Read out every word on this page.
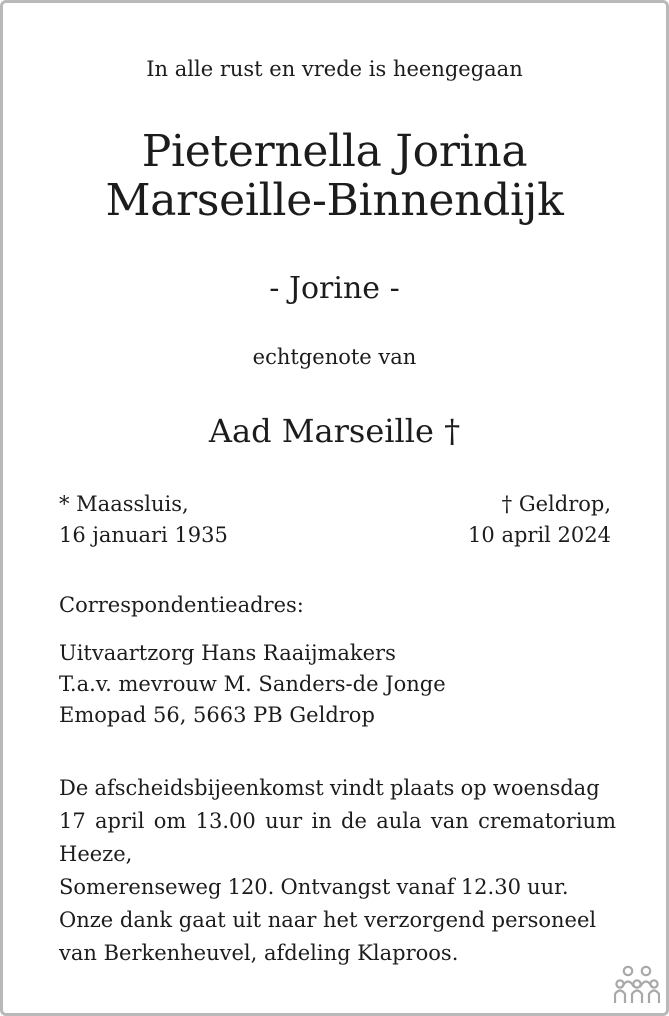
In alle rust en vrede is heengegaan
Pieternella Jorina
Marseille-Binnendijk
- Jorine -
echtgenote van
Aad Marseille †
* Maassluis,
16 januari 1935
† Geldrop,
10 april 2024
Correspondentieadres:
Uitvaartzorg Hans Raaijmakers
T.a.v. mevrouw M. Sanders-de Jonge
Emopad 56, 5663 PB Geldrop
De afscheidsbijeenkomst vindt plaats op woensdag
17 april om 13.00 uur in de aula van crematorium Heeze,
Somerenseweg 120. Ontvangst vanaf 12.30 uur.
Onze dank gaat uit naar het verzorgend personeel
van Berkenheuvel, afdeling Klaproos.
